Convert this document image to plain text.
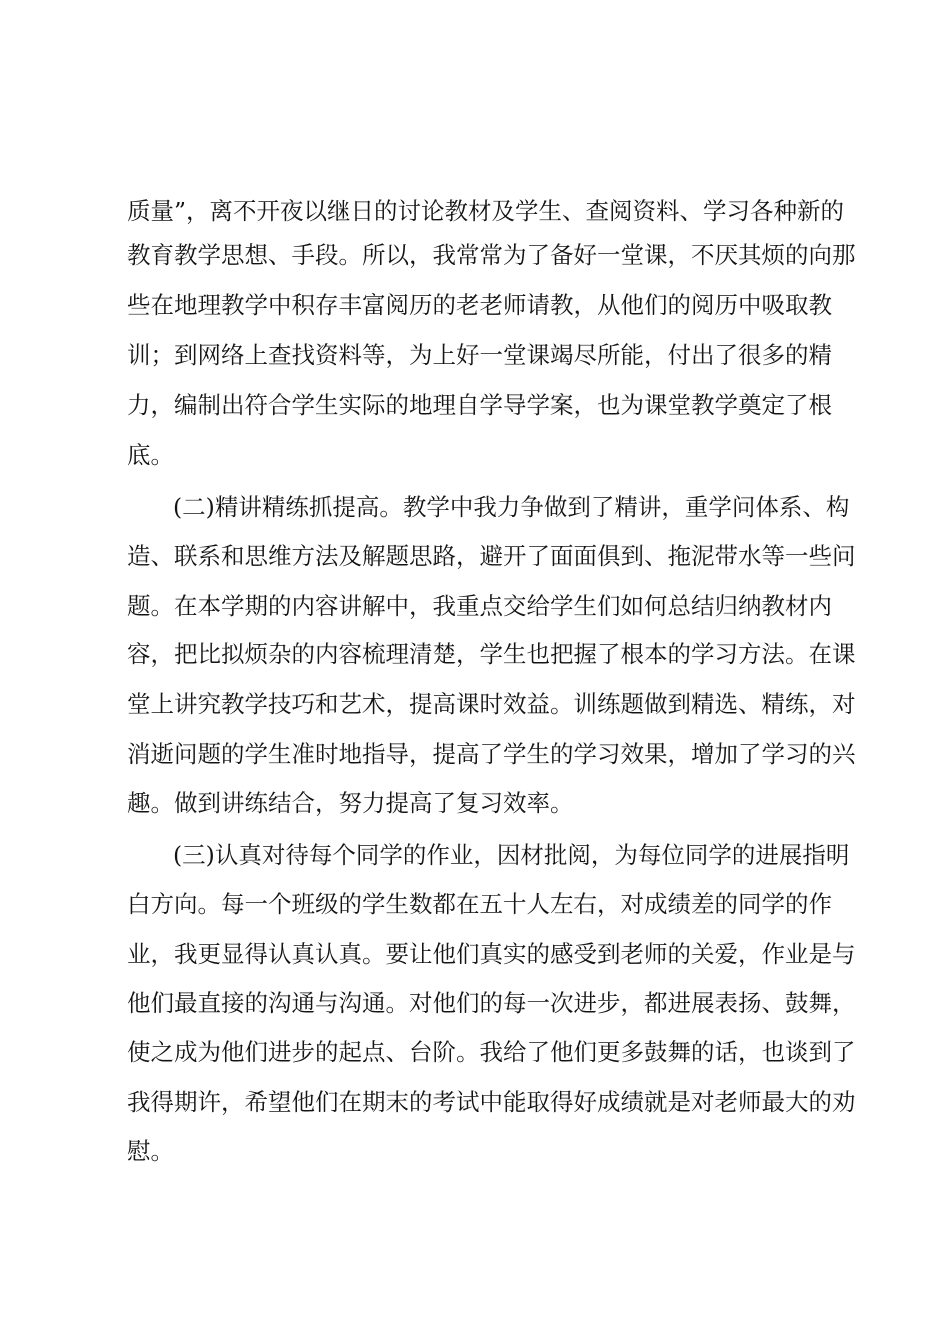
质量”，离不开夜以继日的讨论教材及学生、查阅资料、学习各种新的
教育教学思想、手段。所以，我常常为了备好一堂课，不厌其烦的向那
些在地理教学中积存丰富阅历的老老师请教，从他们的阅历中吸取教
训；到网络上查找资料等，为上好一堂课竭尽所能，付出了很多的精
力，编制出符合学生实际的地理自学导学案，也为课堂教学奠定了根
底。
(二)精讲精练抓提高。教学中我力争做到了精讲，重学问体系、构
造、联系和思维方法及解题思路，避开了面面俱到、拖泥带水等一些问
题。在本学期的内容讲解中，我重点交给学生们如何总结归纳教材内
容，把比拟烦杂的内容梳理清楚，学生也把握了根本的学习方法。在课
堂上讲究教学技巧和艺术，提高课时效益。训练题做到精选、精练，对
消逝问题的学生准时地指导，提高了学生的学习效果，增加了学习的兴
趣。做到讲练结合，努力提高了复习效率。
(三)认真对待每个同学的作业，因材批阅，为每位同学的进展指明
白方向。每一个班级的学生数都在五十人左右，对成绩差的同学的作
业，我更显得认真认真。要让他们真实的感受到老师的关爱，作业是与
他们最直接的沟通与沟通。对他们的每一次进步，都进展表扬、鼓舞，
使之成为他们进步的起点、台阶。我给了他们更多鼓舞的话，也谈到了
我得期许，希望他们在期末的考试中能取得好成绩就是对老师最大的劝
慰。
